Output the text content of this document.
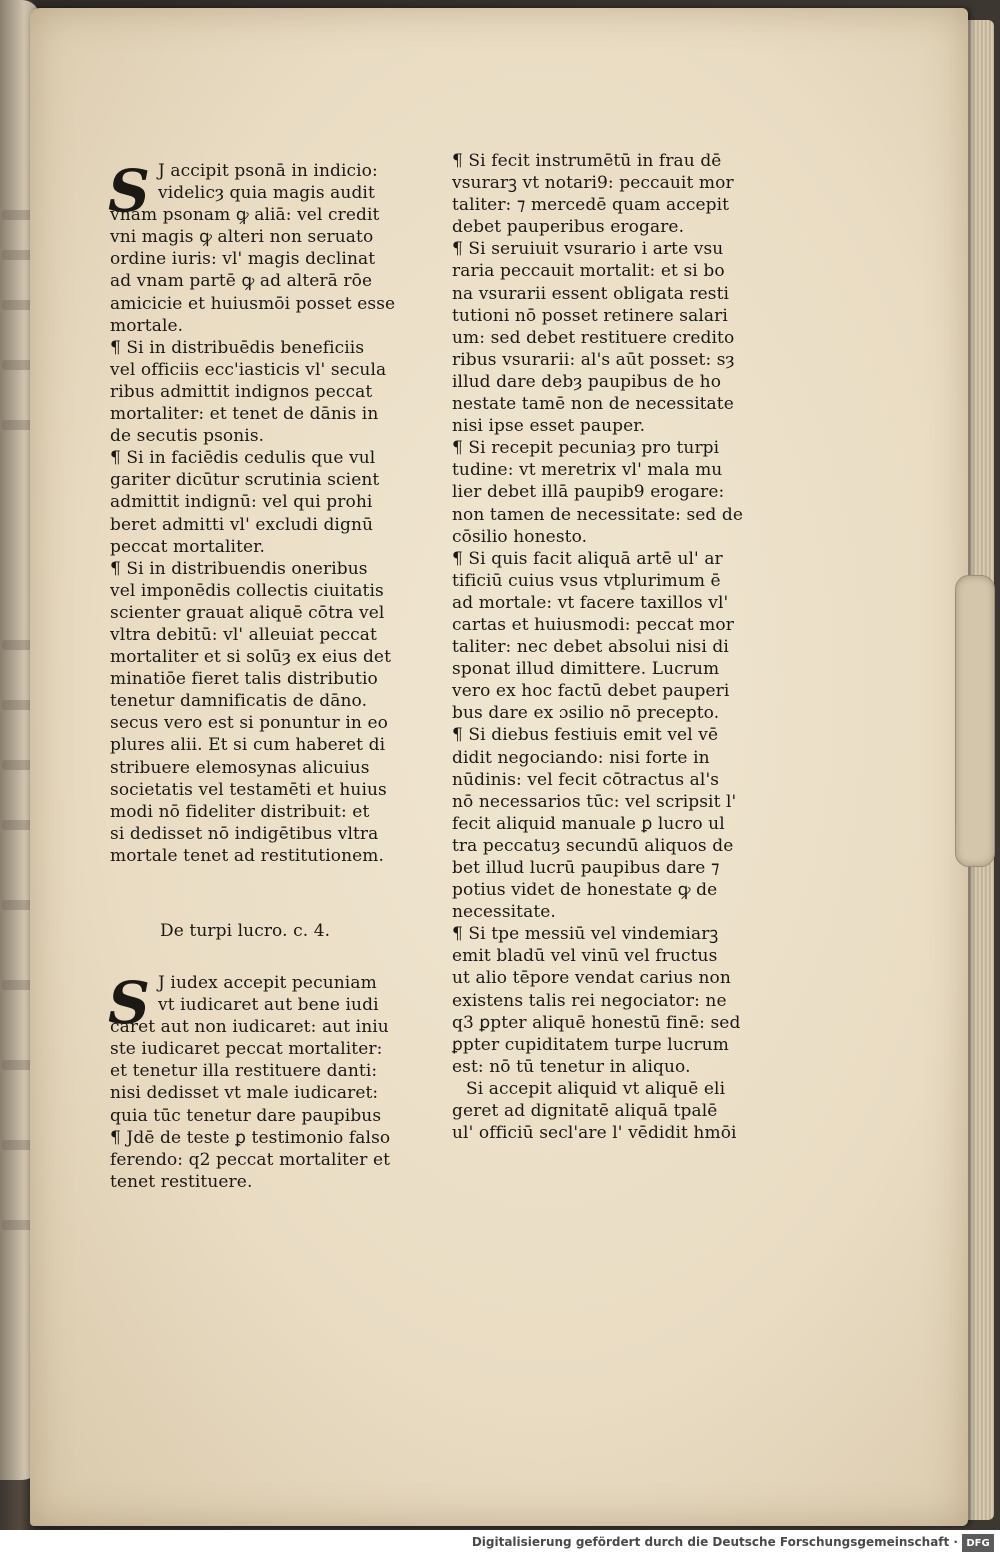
S J accipit psonā in indicio:
videlicȝ quia magis audit
vnam psonam ꝙ aliā: vel credit
vni magis ꝙ alteri non seruato
ordine iuris: vl' magis declinat
ad vnam partē ꝙ ad alterā rōe
amicicie et huiusmōi posset esse
mortale.
¶ Si in distribuēdis beneficiis
vel officiis ecc'iasticis vl' secula
ribus admittit indignos peccat
mortaliter: et tenet de dānis in
de secutis psonis.
¶ Si in faciēdis cedulis que vul
gariter dicūtur scrutinia scient
admittit indignū: vel qui prohi
beret admitti vl' excludi dignū
peccat mortaliter.
¶ Si in distribuendis oneribus
vel imponēdis collectis ciuitatis
scienter grauat aliquē cōtra vel
vltra debitū: vl' alleuiat peccat
mortaliter et si solūȝ ex eius det
minatiōe fieret talis distributio
tenetur damnificatis de dāno.
secus vero est si ponuntur in eo
plures alii. Et si cum haberet di
stribuere elemosynas alicuius
societatis vel testamēti et huius
modi nō fideliter distribuit: et
si dedisset nō indigētibus vltra
mortale tenet ad restitutionem.
De turpi lucro. c. 4.
S J iudex accepit pecuniam
vt iudicaret aut bene iudi
caret aut non iudicaret: aut iniu
ste iudicaret peccat mortaliter:
et tenetur illa restituere danti:
nisi dedisset vt male iudicaret:
quia tūc tenetur dare paupibus
¶ Jdē de teste ꝑ testimonio falso
ferendo: q2 peccat mortaliter et
tenet restituere.
¶ Si fecit instrumētū in frau dē
vsurarꝫ vt notari9: peccauit mor
taliter: ⁊ mercedē quam accepit
debet pauperibus erogare.
¶ Si seruiuit vsurario i arte vsu
raria peccauit mortalit: et si bo
na vsurarii essent obligata resti
tutioni nō posset retinere salari
um: sed debet restituere credito
ribus vsurarii: al's aūt posset: sȝ
illud dare debȝ paupibus de ho
nestate tamē non de necessitate
nisi ipse esset pauper.
¶ Si recepit pecuniaȝ pro turpi
tudine: vt meretrix vl' mala mu
lier debet illā paupib9 erogare:
non tamen de necessitate: sed de
cōsilio honesto.
¶ Si quis facit aliquā artē ul' ar
tificiū cuius vsus vtplurimum ē
ad mortale: vt facere taxillos vl'
cartas et huiusmodi: peccat mor
taliter: nec debet absolui nisi di
sponat illud dimittere. Lucrum
vero ex hoc factū debet pauperi
bus dare ex ɔsilio nō precepto.
¶ Si diebus festiuis emit vel vē
didit negociando: nisi forte in
nūdinis: vel fecit cōtractus al's
nō necessarios tūc: vel scripsit l'
fecit aliquid manuale ꝑ lucro ul
tra peccatuȝ secundū aliquos de
bet illud lucrū paupibus dare ⁊
potius videt de honestate ꝙ de
necessitate.
¶ Si tpe messiū vel vindemiarꝫ
emit bladū vel vinū vel fructus
ut alio tēpore vendat carius non
existens talis rei negociator: ne
q3 ꝑpter aliquē honestū finē: sed
ꝑpter cupiditatem turpe lucrum
est: nō tū tenetur in aliquo.
Si accepit aliquid vt aliquē eli
geret ad dignitatē aliquā tpalē
ul' officiū secl'are l' vēdidit hmōi
Digitalisierung gefördert durch die Deutsche Forschungsgemeinschaft · DFG
